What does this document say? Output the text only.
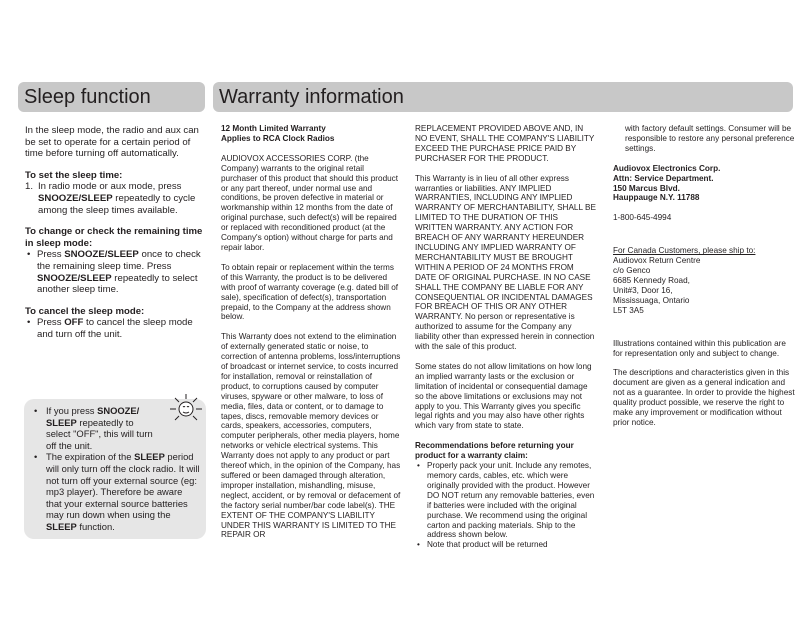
Sleep function	Warranty information

In the sleep mode, the radio and aux can be set to operate for a certain period of time before turning off automatically.

To set the sleep time:
• 1. In radio mode or aux mode, press SNOOZE/SLEEP repeatedly to cycle among the sleep times available.
To change or check the remaining time in sleep mode:
• Press SNOOZE/SLEEP once to check the remaining sleep time. Press SNOOZE/SLEEP repeatedly to select another sleep time.
To cancel the sleep mode:
• Press OFF to cancel the sleep mode and turn off the unit.
• If you press SNOOZE/ SLEEP repeatedly to select "OFF", this will turn off the unit.
• The expiration of the SLEEP period will only turn off the clock radio. It will not turn off your external source (eg: mp3 player). Therefore be aware that your external source batteries may run down when using the SLEEP function.
12 Month Limited Warranty

Applies to RCA Clock Radios

AUDIOVOX ACCESSORIES CORP. (the Company) warrants to the original retail purchaser of this product that should this product or any part thereof, under normal use and conditions, be proven defective in material or workmanship within 12 months from the date of original purchase, such defect(s) will be repaired or replaced with reconditioned product (at the Company's option) without charge for parts and repair labor.

To obtain repair or replacement within the terms of this Warranty, the product is to be delivered with proof of warranty coverage (e.g. dated bill of sale), specification of defect(s), transportation prepaid, to the Company at the address shown below.

This Warranty does not extend to the elimination of externally generated static or noise, to correction of antenna problems, loss/interruptions of broadcast or internet service, to costs incurred for installation, removal or reinstallation of product, to corruptions caused by computer viruses, spyware or other malware, to loss of media, files, data or content, or to damage to tapes, discs, removable memory devices or cards, speakers, accessories, computers, computer peripherals, other media players, home networks or vehicle electrical systems. This Warranty does not apply to any product or part thereof which, in the opinion of the Company, has suffered or been damaged through alteration, improper installation, mishandling, misuse, neglect, accident, or by removal or defacement of the factory serial number/bar code label(s). THE EXTENT OF THE COMPANY'S LIABILITY UNDER THIS WARRANTY IS LIMITED TO THE REPAIR OR

REPLACEMENT PROVIDED ABOVE AND, IN NO EVENT, SHALL THE COMPANY'S LIABILITY EXCEED THE PURCHASE PRICE PAID BY PURCHASER FOR THE PRODUCT.

This Warranty is in lieu of all other express warranties or liabilities. ANY IMPLIED WARRANTIES, INCLUDING ANY IMPLIED WARRANTY OF MERCHANTABILITY, SHALL BE LIMITED TO THE DURATION OF THIS WRITTEN WARRANTY. ANY ACTION FOR BREACH OF ANY WARRANTY HEREUNDER INCLUDING ANY IMPLIED WARRANTY OF MERCHANTABILITY MUST BE BROUGHT WITHIN A PERIOD OF 24 MONTHS FROM DATE OF ORIGINAL PURCHASE. IN NO CASE SHALL THE COMPANY BE LIABLE FOR ANY CONSEQUENTIAL OR INCIDENTAL DAMAGES FOR BREACH OF THIS OR ANY OTHER WARRANTY. No person or representative is authorized to assume for the Company any liability other than expressed herein in connection with the sale of this product.

Some states do not allow limitations on how long an implied warranty lasts or the exclusion or limitation of incidental or consequential damage so the above limitations or exclusions may not apply to you. This Warranty gives you specific legal rights and you may also have other rights which vary from state to state.

Recommendations before returning your product for a warranty claim:
• Properly pack your unit. Include any remotes, memory cards, cables, etc. which were originally provided with the product. However DO NOT return any removable batteries, even if batteries were included with the original purchase. We recommend using the original carton and packing materials. Ship to the address shown below.
• Note that product will be returned

with factory default settings. Consumer will be responsible to restore any personal preference settings.

Audiovox Electronics Corp.
Attn: Service Department.
150 Marcus Blvd.
Hauppauge N.Y. 11788

1-800-645-4994

For Canada Customers, please ship to:
Audiovox Return Centre
c/o Genco
6685 Kennedy Road,
Unit#3, Door 16,
Mississuaga, Ontario
L5T 3A5

Illustrations contained within this publication are for representation only and subject to change.

The descriptions and characteristics given in this document are given as a general indication and not as a guarantee. In order to provide the highest quality product possible, we reserve the right to make any improvement or modification without prior notice.
